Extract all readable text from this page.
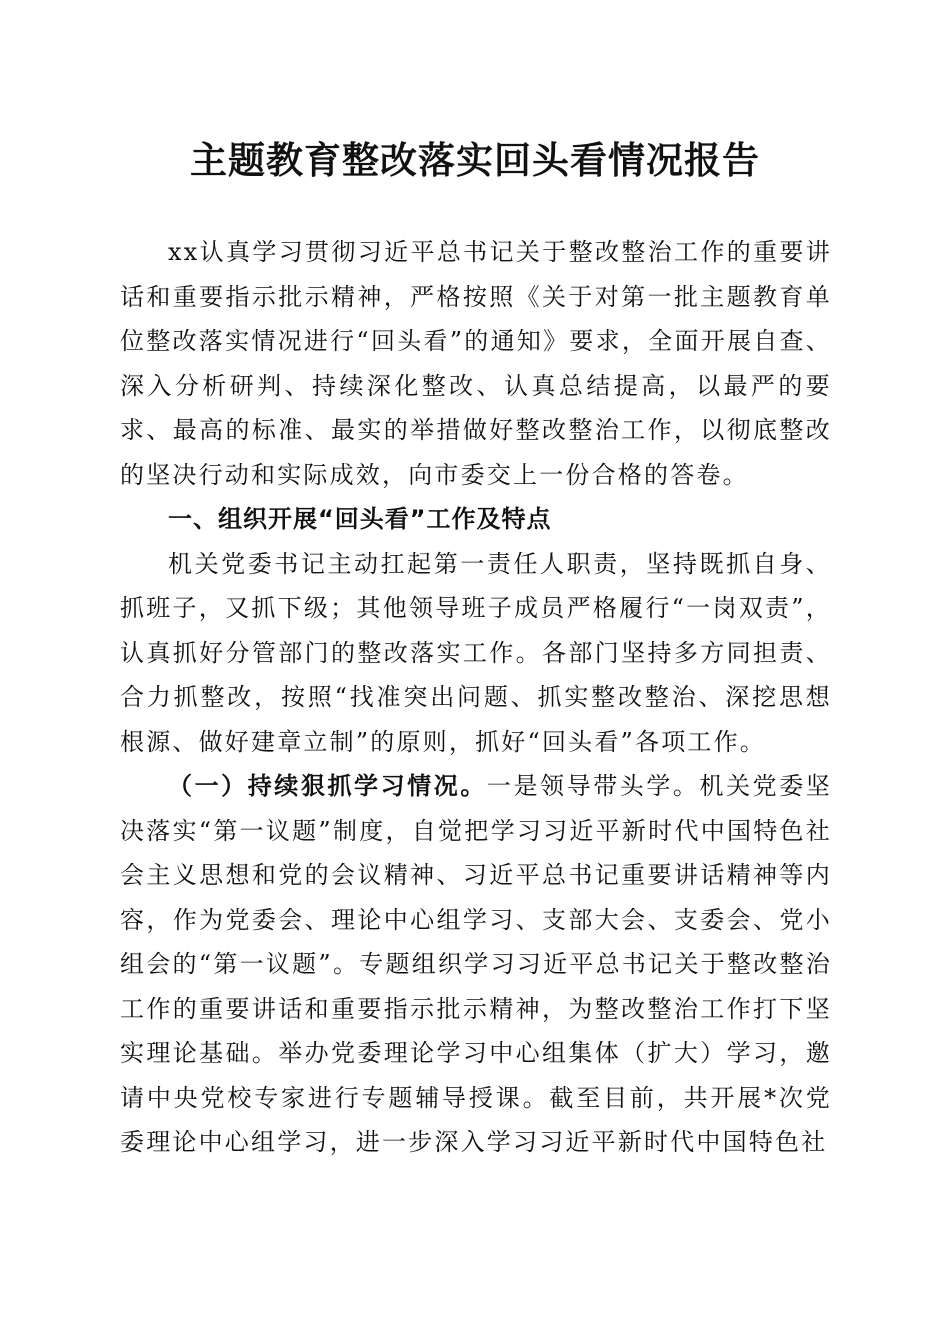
主题教育整改落实回头看情况报告

xx认真学习贯彻习近平总书记关于整改整治工作的重要讲话和重要指示批示精神，严格按照《关于对第一批主题教育单位整改落实情况进行“回头看”的通知》要求，全面开展自查、深入分析研判、持续深化整改、认真总结提高，以最严的要求、最高的标准、最实的举措做好整改整治工作，以彻底整改的坚决行动和实际成效，向市委交上一份合格的答卷。

一、组织开展“回头看”工作及特点

机关党委书记主动扛起第一责任人职责，坚持既抓自身、抓班子，又抓下级；其他领导班子成员严格履行“一岗双责”，认真抓好分管部门的整改落实工作。各部门坚持多方同担责、合力抓整改，按照“找准突出问题、抓实整改整治、深挖思想根源、做好建章立制”的原则，抓好“回头看”各项工作。

（一）持续狠抓学习情况。一是领导带头学。机关党委坚决落实“第一议题”制度，自觉把学习习近平新时代中国特色社会主义思想和党的会议精神、习近平总书记重要讲话精神等内容，作为党委会、理论中心组学习、支部大会、支委会、党小组会的“第一议题”。专题组织学习习近平总书记关于整改整治工作的重要讲话和重要指示批示精神，为整改整治工作打下坚实理论基础。举办党委理论学习中心组集体（扩大）学习，邀请中央党校专家进行专题辅导授课。截至目前，共开展*次党委理论中心组学习，进一步深入学习习近平新时代中国特色社
